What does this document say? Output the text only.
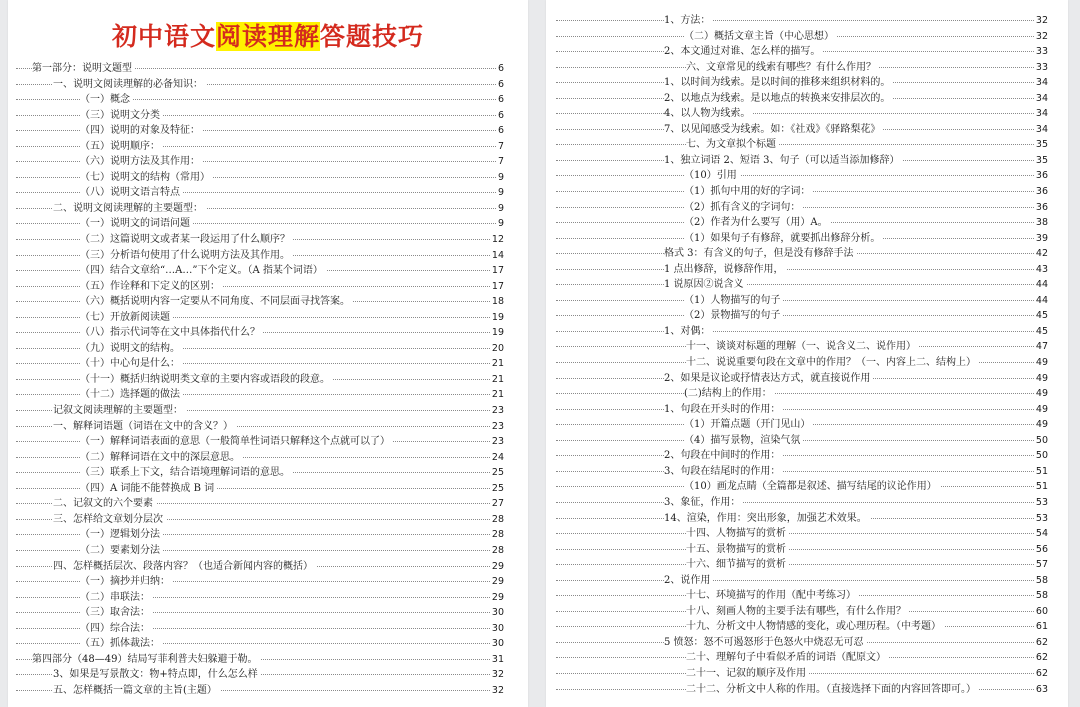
初中语文阅读理解答题技巧
第一部分：说明文题型	6
一、说明文阅读理解的必备知识：	6
（一）概念	6
（三）说明文分类	6
（四）说明的对象及特征：	6
（五）说明顺序：	7
（六）说明方法及其作用：	7
（七）说明文的结构（常用）	9
（八）说明文语言特点	9
二、说明文阅读理解的主要题型：	9
（一）说明文的词语问题	9
（二）这篇说明文或者某一段运用了什么顺序？	12
（三）分析语句使用了什么说明方法及其作用。	14
（四）结合文章给“…A…”下个定义。（A 指某个词语）	17
（五）作诠释和下定义的区别：	17
（六）概括说明内容一定要从不同角度、不同层面寻找答案。	18
（七）开放新阅读题	19
（八）指示代词等在文中具体指代什么？	19
（九）说明文的结构。	20
（十）中心句是什么：	21
（十一）概括归纳说明类文章的主要内容或语段的段意。	21
（十二）选择题的做法	21
记叙文阅读理解的主要题型：	23
一、解释词语题（词语在文中的含义？）	23
（一）解释词语表面的意思（一般简单性词语只解释这个点就可以了）	23
（二）解释词语在文中的深层意思。	24
（三）联系上下文，结合语境理解词语的意思。	25
（四）A 词能不能替换成 B 词	25
二、记叙文的六个要素	27
三、怎样给文章划分层次	28
（一）逻辑划分法	28
（二）要素划分法	28
四、怎样概括层次、段落内容？（也适合新闻内容的概括）	29
（一）摘抄并归纳：	29
（二）串联法：	29
（三）取舍法：	30
（四）综合法：	30
（五）抓体裁法：	30
第四部分（48—49）结局写菲利普夫妇躲避于勒。	31
3、如果是写景散文：物+特点即，什么怎么样	32
五、怎样概括一篇文章的主旨(主题）	32
1、方法：	32
（二）概括文章主旨（中心思想）	32
2、本文通过对谁、怎么样的描写。	33
六、文章常见的线索有哪些？有什么作用？	33
1、以时间为线索。是以时间的推移来组织材料的。	34
2、以地点为线索。是以地点的转换来安排层次的。	34
4、以人物为线索。	34
7、以见闻感受为线索。如：《社戏》《驿路梨花》	34
七、为文章拟个标题	35
1、独立词语 2、短语 3、句子（可以适当添加修辞）	35
（10）引用	36
（1）抓句中用的好的字词：	36
（2）抓有含义的字词句：	36
（2）作者为什么要写（用）A。	38
（1）如果句子有修辞，就要抓出修辞分析。	39
格式 3：有含义的句子，但是没有修辞手法	42
1 点出修辞，说修辞作用，	43
1 说原因②说含义	44
（1）人物描写的句子	44
（2）景物描写的句子	45
1、对偶：	45
十一、谈谈对标题的理解（一、说含义二、说作用）	47
十二、说说重要句段在文章中的作用？（一、内容上二、结构上）	49
2、如果是议论或抒情表达方式，就直接说作用	49
(二)结构上的作用：	49
1、句段在开头时的作用：	49
（1）开篇点题（开门见山）	49
（4）描写景物，渲染气氛	50
2、句段在中间时的作用：	50
3、句段在结尾时的作用：	51
（10）画龙点睛（全篇都是叙述、描写结尾的议论作用）	51
3、象征，作用：	53
14、渲染，作用：突出形象，加强艺术效果。	53
十四、人物描写的赏析	54
十五、景物描写的赏析	56
十六、细节描写的赏析	57
2、说作用	58
十七、环境描写的作用（配中考练习）	58
十八、刻画人物的主要手法有哪些，有什么作用？	60
十九、分析文中人物情感的变化，或心理历程。（中考题）	61
5 愤怒：怒不可遏怒形于色怒火中烧忍无可忍	62
二十、理解句子中看似矛盾的词语（配原文）	62
二十一、记叙的顺序及作用	62
二十二、分析文中人称的作用。（直接选择下面的内容回答即可。）	63
